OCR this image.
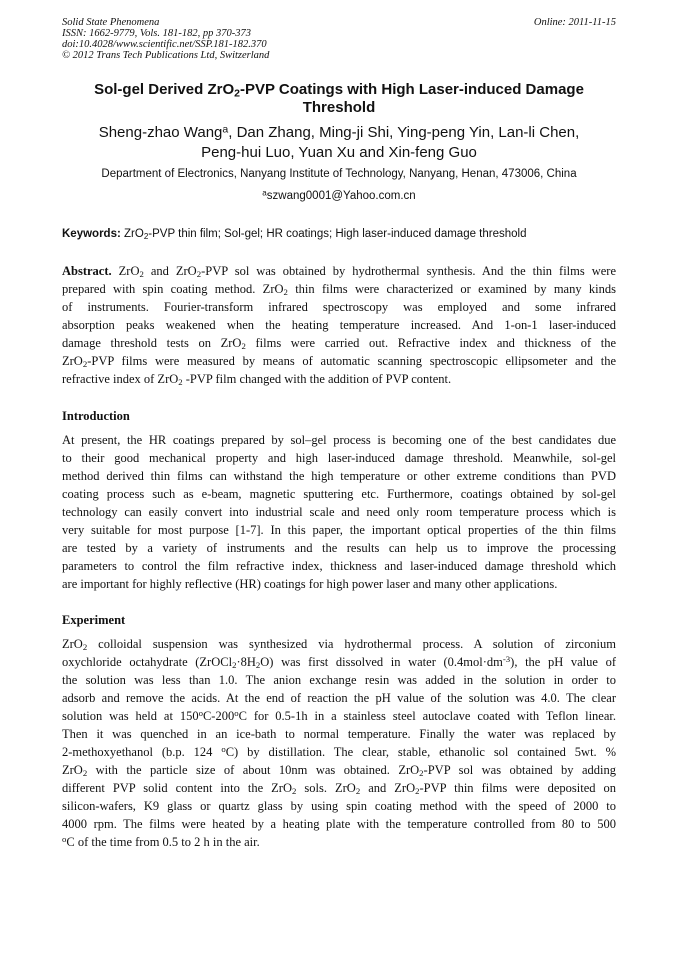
Solid State Phenomena
ISSN: 1662-9779, Vols. 181-182, pp 370-373
doi:10.4028/www.scientific.net/SSP.181-182.370
© 2012 Trans Tech Publications Ltd, Switzerland
Online: 2011-11-15
Sol-gel Derived ZrO$_2$-PVP Coatings with High Laser-induced Damage
Threshold
Sheng-zhao Wang$^a$, Dan Zhang, Ming-ji Shi, Ying-peng Yin, Lan-li Chen,
Peng-hui Luo, Yuan Xu and Xin-feng Guo
Department of Electronics, Nanyang Institute of Technology, Nanyang, Henan, 473006, China
$^a$szwang0001@Yahoo.com.cn
Keywords: ZrO$_2$-PVP thin film; Sol-gel; HR coatings; High laser-induced damage threshold
Abstract. ZrO$_2$ and ZrO$_2$-PVP sol was obtained by hydrothermal synthesis. And the thin films were
prepared with spin coating method. ZrO$_2$ thin films were characterized or examined by many kinds
of instruments. Fourier-transform infrared spectroscopy was employed and some infrared
absorption peaks weakened when the heating temperature increased. And 1-on-1 laser-induced
damage threshold tests on ZrO$_2$ films were carried out. Refractive index and thickness of the
ZrO$_2$-PVP films were measured by means of automatic scanning spectroscopic ellipsometer and the
refractive index of ZrO$_2$ -PVP film changed with the addition of PVP content.
Introduction
At present, the HR coatings prepared by sol–gel process is becoming one of the best candidates due
to their good mechanical property and high laser-induced damage threshold. Meanwhile, sol-gel
method derived thin films can withstand the high temperature or other extreme conditions than PVD
coating process such as e-beam, magnetic sputtering etc. Furthermore, coatings obtained by sol-gel
technology can easily convert into industrial scale and need only room temperature process which is
very suitable for most purpose [1-7]. In this paper, the important optical properties of the thin films
are tested by a variety of instruments and the results can help us to improve the processing
parameters to control the film refractive index, thickness and laser-induced damage threshold which
are important for highly reflective (HR) coatings for high power laser and many other applications.
Experiment
ZrO$_2$ colloidal suspension was synthesized via hydrothermal process. A solution of zirconium
oxychloride octahydrate $(ZrOCl_2\cdot 8H_2O)$ was first dissolved in water $(0.4mol\cdot dm^{-3})$, the pH value of
the solution was less than 1.0. The anion exchange resin was added in the solution in order to
adsorb and remove the acids. At the end of reaction the pH value of the solution was 4.0. The clear
solution was held at 150$^o$C-200$^o$C for 0.5-1h in a stainless steel autoclave coated with Teflon linear.
Then it was quenched in an ice-bath to normal temperature. Finally the water was replaced by
2-methoxyethanol (b.p. 124 $^o$C) by distillation. The clear, stable, ethanolic sol contained 5wt. %
ZrO$_2$ with the particle size of about 10nm was obtained. ZrO$_2$-PVP sol was obtained by adding
different PVP solid content into the ZrO$_2$ sols. ZrO$_2$ and ZrO$_2$-PVP thin films were deposited on
silicon-wafers, K9 glass or quartz glass by using spin coating method with the speed of 2000 to
4000 rpm. The films were heated by a heating plate with the temperature controlled from 80 to 500
$^o$C of the time from 0.5 to 2 h in the air.
